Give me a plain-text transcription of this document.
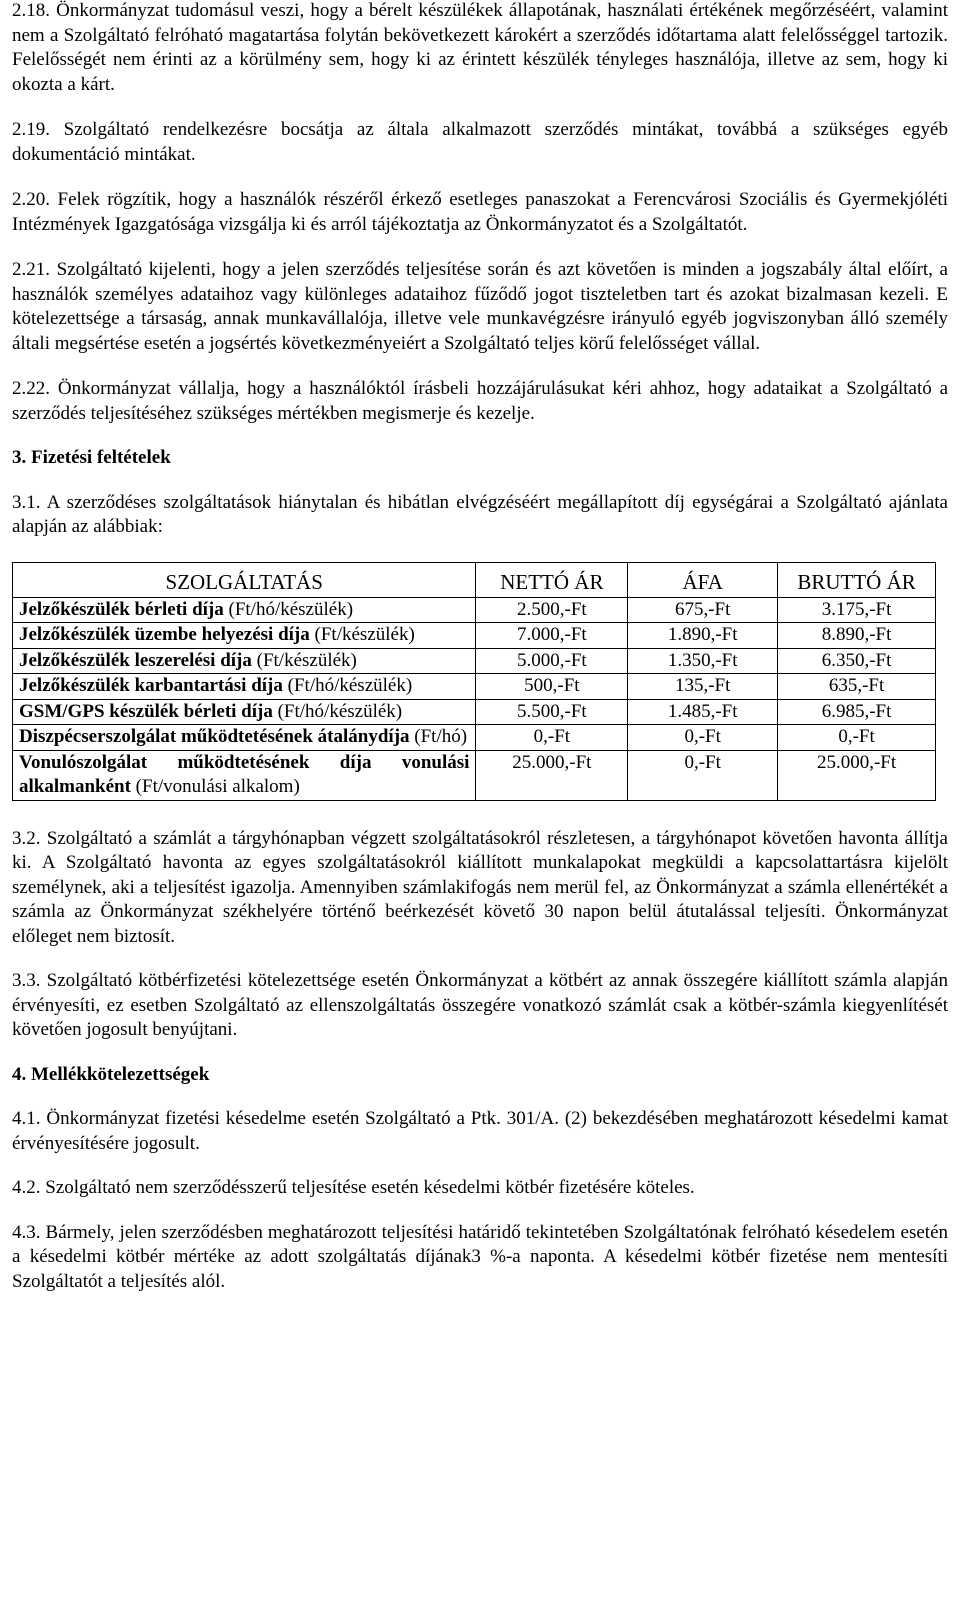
2.18. Önkormányzat tudomásul veszi, hogy a bérelt készülékek állapotának, használati értékének megőrzéséért, valamint nem a Szolgáltató felróható magatartása folytán bekövetkezett károkért a szerződés időtartama alatt felelősséggel tartozik. Felelősségét nem érinti az a körülmény sem, hogy ki az érintett készülék tényleges használója, illetve az sem, hogy ki okozta a kárt.

2.19. Szolgáltató rendelkezésre bocsátja az általa alkalmazott szerződés mintákat, továbbá a szükséges egyéb dokumentáció mintákat.

2.20. Felek rögzítik, hogy a használók részéről érkező esetleges panaszokat a Ferencvárosi Szociális és Gyermekjóléti Intézmények Igazgatósága vizsgálja ki és arról tájékoztatja az Önkormányzatot és a Szolgáltatót.

2.21. Szolgáltató kijelenti, hogy a jelen szerződés teljesítése során és azt követően is minden a jogszabály által előírt, a használók személyes adataihoz vagy különleges adataihoz fűződő jogot tiszteletben tart és azokat bizalmasan kezeli. E kötelezettsége a társaság, annak munkavállalója, illetve vele munkavégzésre irányuló egyéb jogviszonyban álló személy általi megsértése esetén a jogsértés következményeiért a Szolgáltató teljes körű felelősséget vállal.

2.22. Önkormányzat vállalja, hogy a használóktól írásbeli hozzájárulásukat kéri ahhoz, hogy adataikat a Szolgáltató a szerződés teljesítéséhez szükséges mértékben megismerje és kezelje.

3. Fizetési feltételek

3.1. A szerződéses szolgáltatások hiánytalan és hibátlan elvégzéséért megállapított díj egységárai a Szolgáltató ajánlata alapján az alábbiak:

SZOLGÁLTATÁS	NETTÓ ÁR	ÁFA	BRUTTÓ ÁR
Jelzőkészülék bérleti díja (Ft/hó/készülék)	2.500,-Ft	675,-Ft	3.175,-Ft
Jelzőkészülék üzembe helyezési díja (Ft/készülék)	7.000,-Ft	1.890,-Ft	8.890,-Ft
Jelzőkészülék leszerelési díja (Ft/készülék)	5.000,-Ft	1.350,-Ft	6.350,-Ft
Jelzőkészülék karbantartási díja (Ft/hó/készülék)	500,-Ft	135,-Ft	635,-Ft
GSM/GPS készülék bérleti díja (Ft/hó/készülék)	5.500,-Ft	1.485,-Ft	6.985,-Ft
Diszpécserszolgálat működtetésének átalánydíja (Ft/hó)	0,-Ft	0,-Ft	0,-Ft
Vonulószolgálat működtetésének díja vonulási alkalmanként (Ft/vonulási alkalom)	25.000,-Ft	0,-Ft	25.000,-Ft

3.2. Szolgáltató a számlát a tárgyhónapban végzett szolgáltatásokról részletesen, a tárgyhónapot követően havonta állítja ki. A Szolgáltató havonta az egyes szolgáltatásokról kiállított munkalapokat megküldi a kapcsolattartásra kijelölt személynek, aki a teljesítést igazolja. Amennyiben számlakifogás nem merül fel, az Önkormányzat a számla ellenértékét a számla az Önkormányzat székhelyére történő beérkezését követő 30 napon belül átutalással teljesíti. Önkormányzat előleget nem biztosít.

3.3. Szolgáltató kötbérfizetési kötelezettsége esetén Önkormányzat a kötbért az annak összegére kiállított számla alapján érvényesíti, ez esetben Szolgáltató az ellenszolgáltatás összegére vonatkozó számlát csak a kötbér-számla kiegyenlítését követően jogosult benyújtani.

4. Mellékkötelezettségek

4.1. Önkormányzat fizetési késedelme esetén Szolgáltató a Ptk. 301/A. (2) bekezdésében meghatározott késedelmi kamat érvényesítésére jogosult.

4.2. Szolgáltató nem szerződésszerű teljesítése esetén késedelmi kötbér fizetésére köteles.

4.3. Bármely, jelen szerződésben meghatározott teljesítési határidő tekintetében Szolgáltatónak felróható késedelem esetén a késedelmi kötbér mértéke az adott szolgáltatás díjának3 %-a naponta. A késedelmi kötbér fizetése nem mentesíti Szolgáltatót a teljesítés alól.
